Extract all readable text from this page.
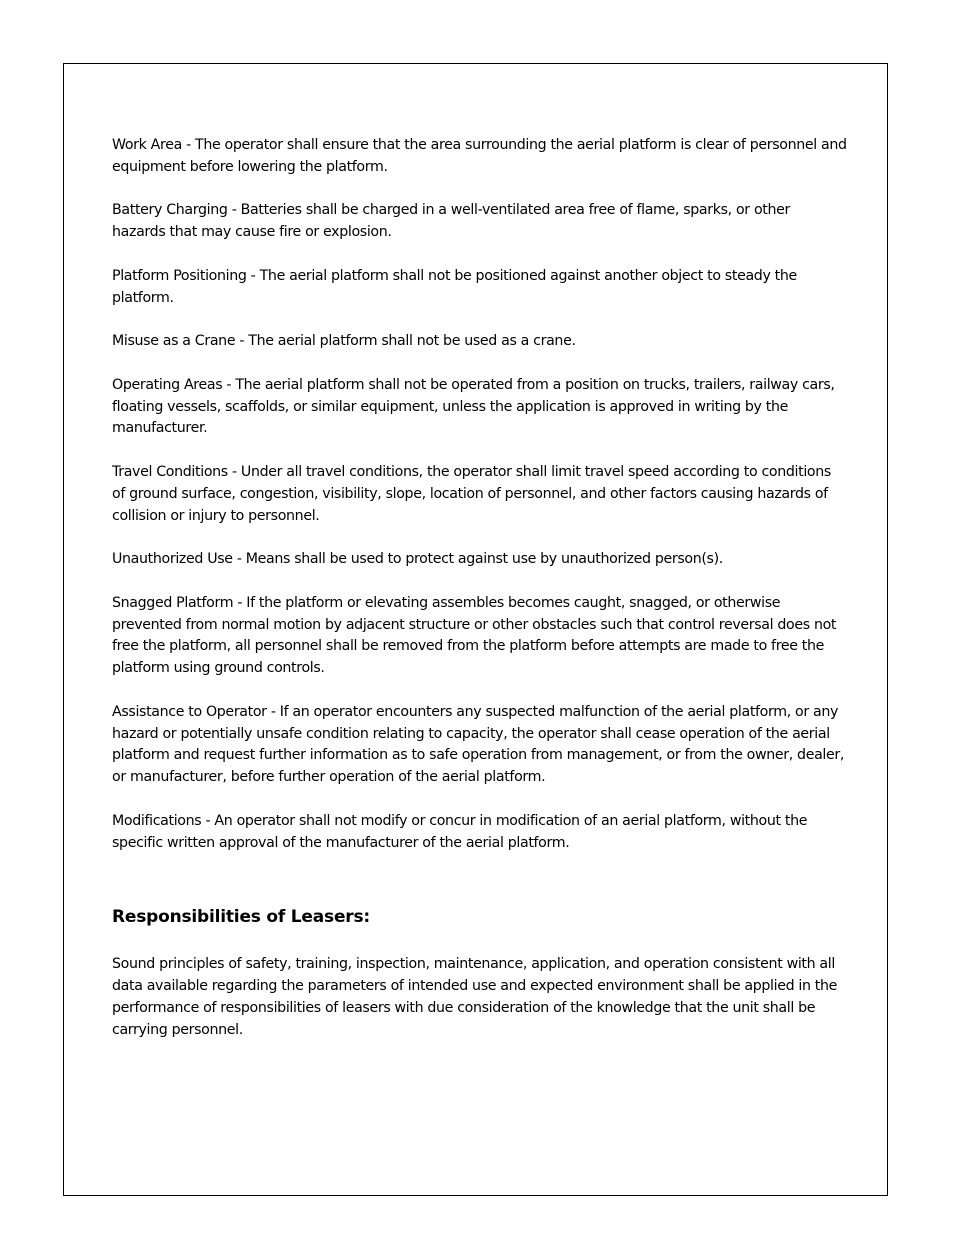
Work Area - The operator shall ensure that the area surrounding the aerial platform is clear of personnel and equipment before lowering the platform.

Battery Charging - Batteries shall be charged in a well-ventilated area free of flame, sparks, or other hazards that may cause fire or explosion.

Platform Positioning - The aerial platform shall not be positioned against another object to steady the platform.

Misuse as a Crane - The aerial platform shall not be used as a crane.

Operating Areas - The aerial platform shall not be operated from a position on trucks, trailers, railway cars, floating vessels, scaffolds, or similar equipment, unless the application is approved in writing by the manufacturer.

Travel Conditions - Under all travel conditions, the operator shall limit travel speed according to conditions of ground surface, congestion, visibility, slope, location of personnel, and other factors causing hazards of collision or injury to personnel.

Unauthorized Use - Means shall be used to protect against use by unauthorized person(s).

Snagged Platform - If the platform or elevating assembles becomes caught, snagged, or otherwise prevented from normal motion by adjacent structure or other obstacles such that control reversal does not free the platform, all personnel shall be removed from the platform before attempts are made to free the platform using ground controls.

Assistance to Operator - If an operator encounters any suspected malfunction of the aerial platform, or any hazard or potentially unsafe condition relating to capacity, the operator shall cease operation of the aerial platform and request further information as to safe operation from management, or from the owner, dealer, or manufacturer, before further operation of the aerial platform.

Modifications - An operator shall not modify or concur in modification of an aerial platform, without the specific written approval of the manufacturer of the aerial platform.

Responsibilities of Leasers:

Sound principles of safety, training, inspection, maintenance, application, and operation consistent with all data available regarding the parameters of intended use and expected environment shall be applied in the performance of responsibilities of leasers with due consideration of the knowledge that the unit shall be carrying personnel.
